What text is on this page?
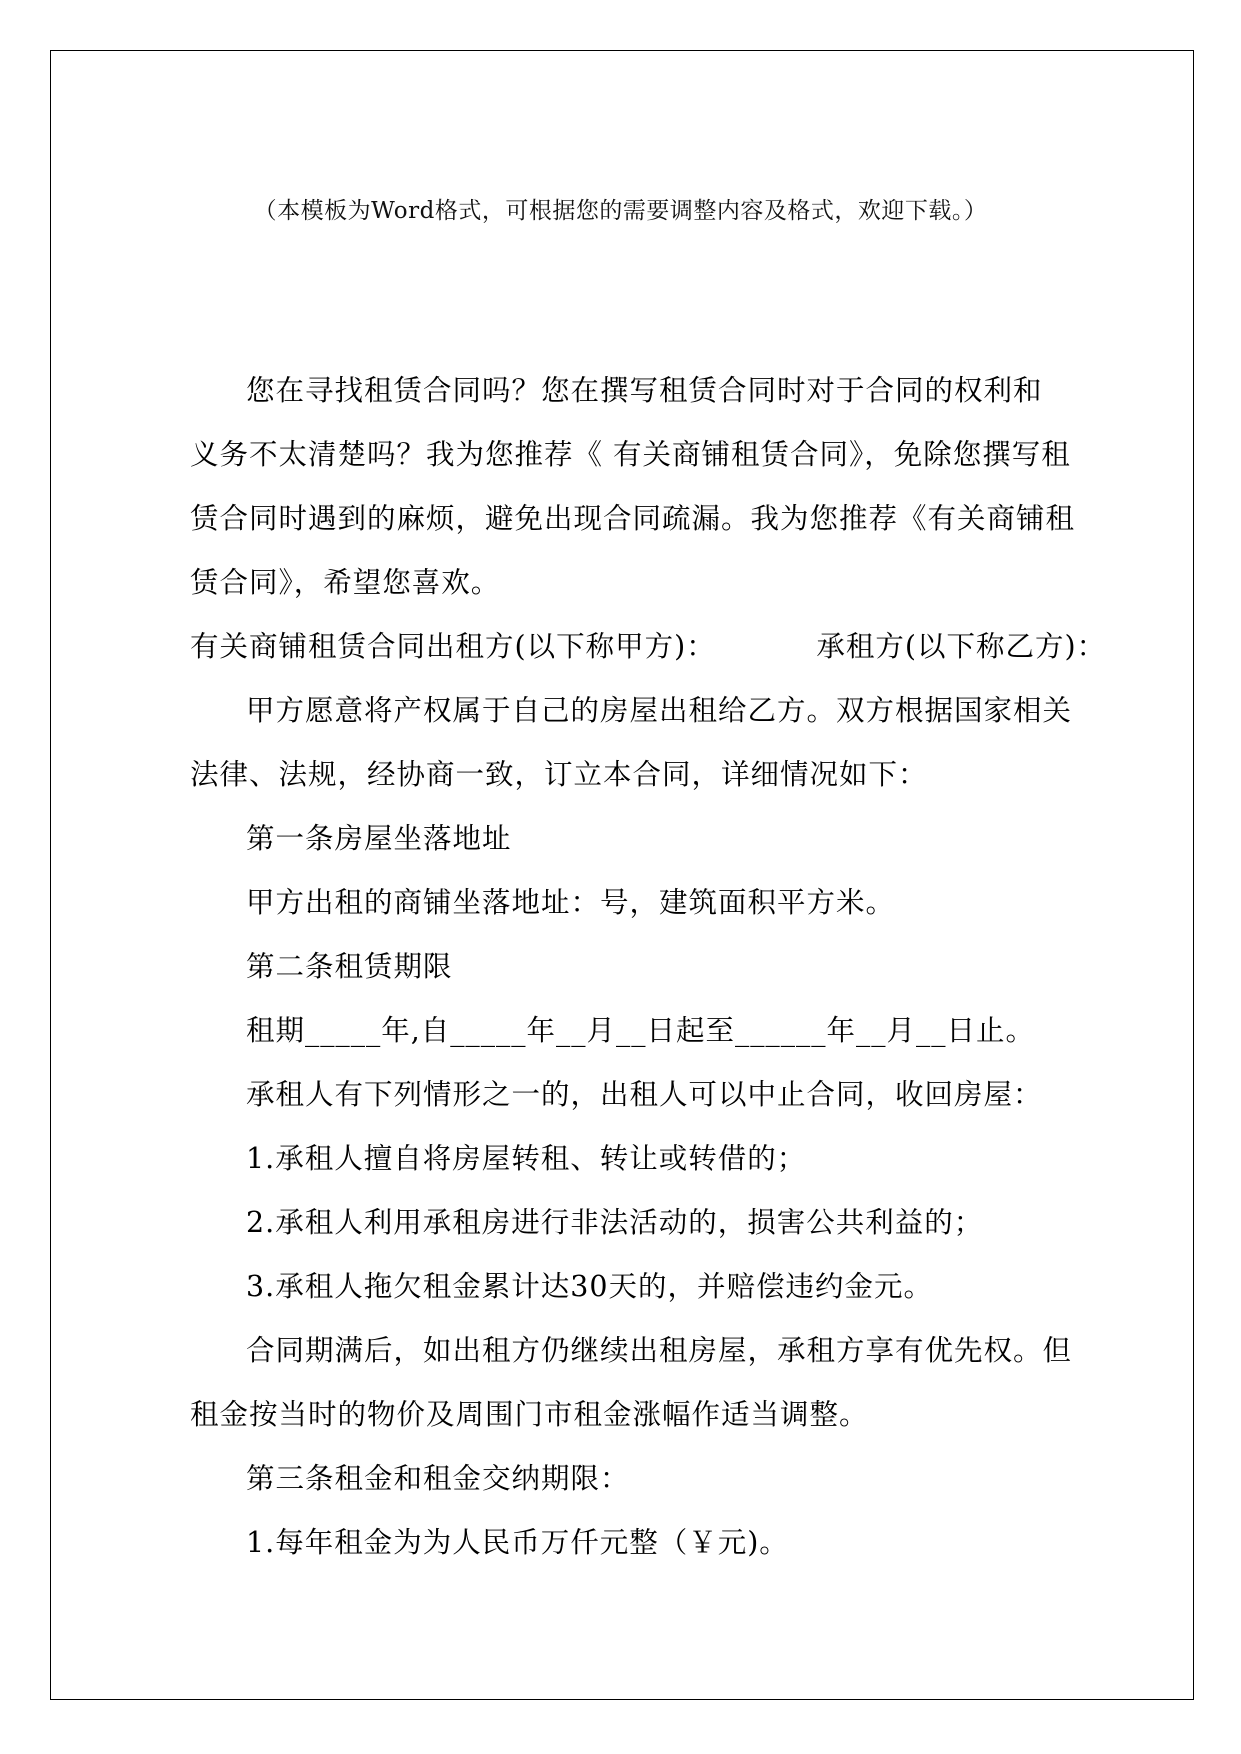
（本模板为Word格式，可根据您的需要调整内容及格式，欢迎下载。）
您在寻找租赁合同吗？您在撰写租赁合同时对于合同的权利和
义务不太清楚吗？我为您推荐《 有关商铺租赁合同》，免除您撰写租
赁合同时遇到的麻烦，避免出现合同疏漏。我为您推荐《有关商铺租
赁合同》，希望您喜欢。
有关商铺租赁合同出租方(以下称甲方)：          承租方(以下称乙方)：
甲方愿意将产权属于自己的房屋出租给乙方。双方根据国家相关
法律、法规，经协商一致，订立本合同，详细情况如下：
第一条房屋坐落地址
甲方出租的商铺坐落地址：号，建筑面积平方米。
第二条租赁期限
租期_____年,自_____年__月__日起至______年__月__日止。
承租人有下列情形之一的，出租人可以中止合同，收回房屋：
1.承租人擅自将房屋转租、转让或转借的；
2.承租人利用承租房进行非法活动的，损害公共利益的；
3.承租人拖欠租金累计达30天的，并赔偿违约金元。
合同期满后，如出租方仍继续出租房屋，承租方享有优先权。但
租金按当时的物价及周围门市租金涨幅作适当调整。
第三条租金和租金交纳期限：
1.每年租金为为人民币万仟元整（￥元)。
